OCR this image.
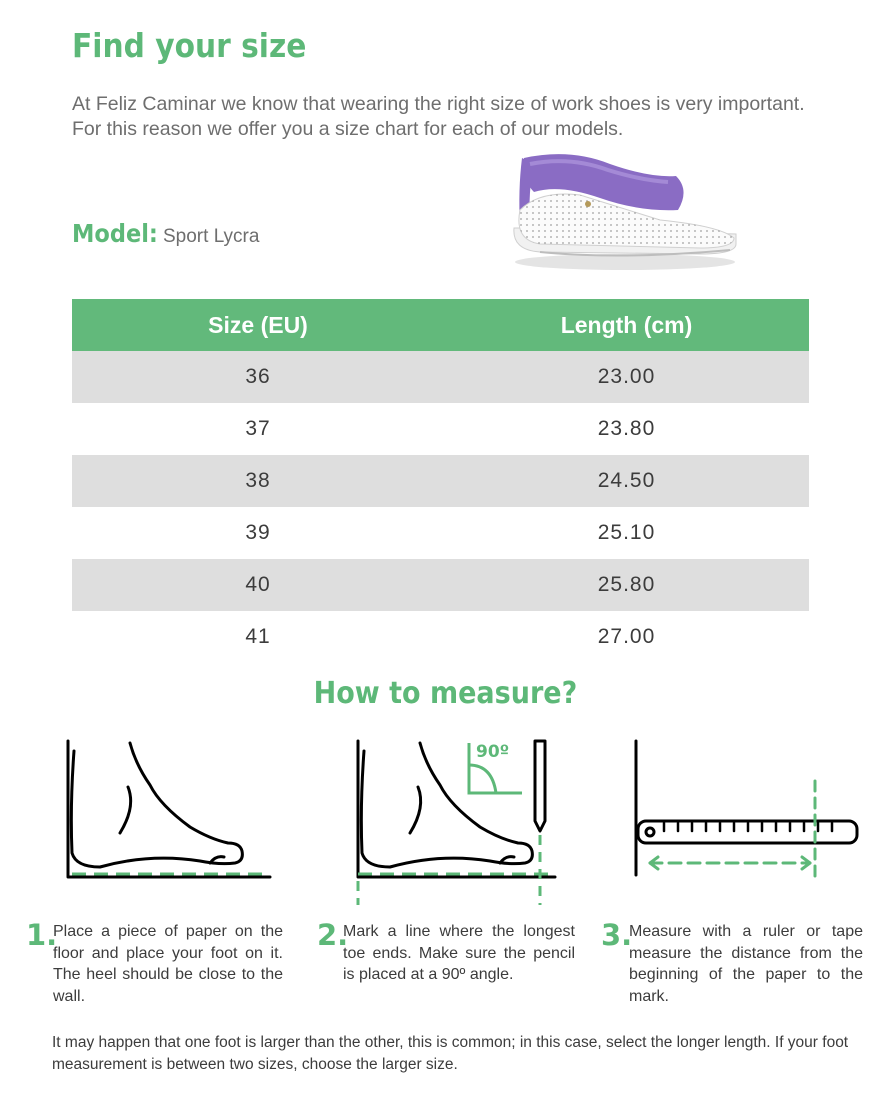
Find your size

At Feliz Caminar we know that wearing the right size of work shoes is very important. For this reason we offer you a size chart for each of our models.

Model: Sport Lycra
Size (EU)	Length (cm)
36	23.00
37	23.80
38	24.50
39	25.10
40	25.80
41	27.00
How to measure?
90º
1.

Place a piece of paper on the floor and place your foot on it. The heel should be close to the wall.

2.

Mark a line where the longest toe ends. Make sure the pencil is placed at a 90º angle.

3.

Measure with a ruler or tape measure the distance from the beginning of the paper to the mark.

It may happen that one foot is larger than the other, this is common; in this case, select the longer length. If your foot measurement is between two sizes, choose the larger size.
